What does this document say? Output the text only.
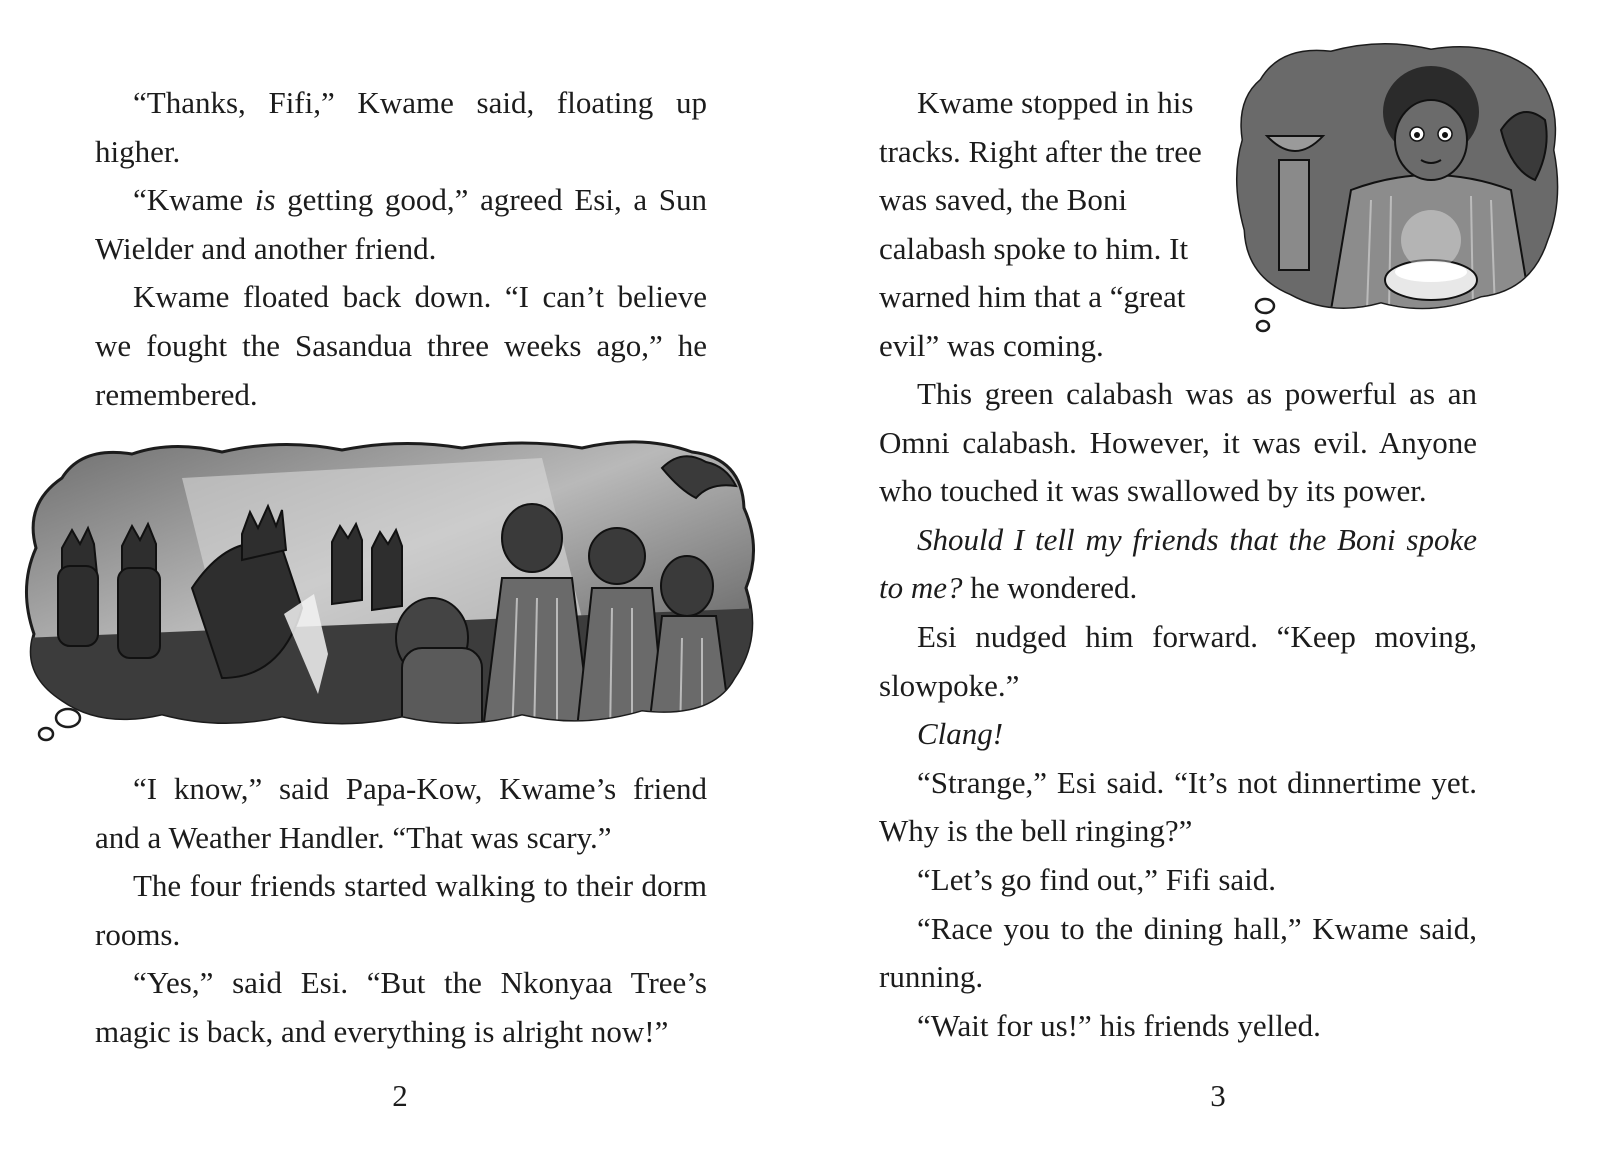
“Thanks, Fifi,” Kwame said, floating up higher.

“Kwame is getting good,” agreed Esi, a Sun Wielder and another friend.

Kwame floated back down. “I can’t believe we fought the Sasandua three weeks ago,” he remembered.

“I know,” said Papa-Kow, Kwame’s friend and a Weather Handler. “That was scary.”

The four friends started walking to their dorm rooms.

“Yes,” said Esi. “But the Nkonyaa Tree’s magic is back, and everything is alright now!”

2

Kwame stopped in his tracks. Right after the tree was saved, the Boni calabash spoke to him. It warned him that a “great evil” was coming.

This green calabash was as powerful as an Omni calabash. However, it was evil. Anyone who touched it was swallowed by its power.

Should I tell my friends that the Boni spoke to me? he wondered.

Esi nudged him forward. “Keep moving, slowpoke.”

Clang!

“Strange,” Esi said. “It’s not dinnertime yet. Why is the bell ringing?”

“Let’s go find out,” Fifi said.

“Race you to the dining hall,” Kwame said, running.

“Wait for us!” his friends yelled.

3
